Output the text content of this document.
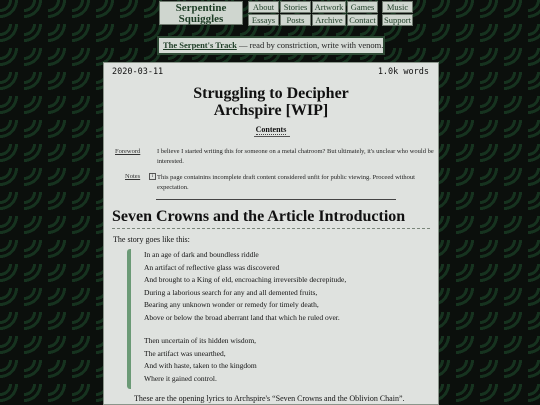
Serpentine
Squiggles
About	Stories Artwork Games	Music
Essays	Posts	Archive Contact Support
The Serpent's Track — read by constriction, write with venom.
2020-03-11	1.0k words
Struggling to Decipher
Archspire [WIP]
Contents
Foreword	I believe I started writing this for someone on a metal chatroom? But ultimately, it's unclear who would be interested.
Notes	i This page containins incomplete draft content considered unfit for public viewing. Proceed without expectation.
Seven Crowns and the Article Introduction
The story goes like this:
In an age of dark and boundless riddle
An artifact of reflective glass was discovered
And brought to a King of eld, encroaching irreversible decrepitude,
During a laborious search for any and all demented fruits,
Bearing any unknown wonder or remedy for timely death,
Above or below the broad aberrant land that which he ruled over.
Then uncertain of its hidden wisdom,
The artifact was unearthed,
And with haste, taken to the kingdom
Where it gained control.
These are the opening lyrics to Archspire's “Seven Crowns and the Oblivion Chain”.
